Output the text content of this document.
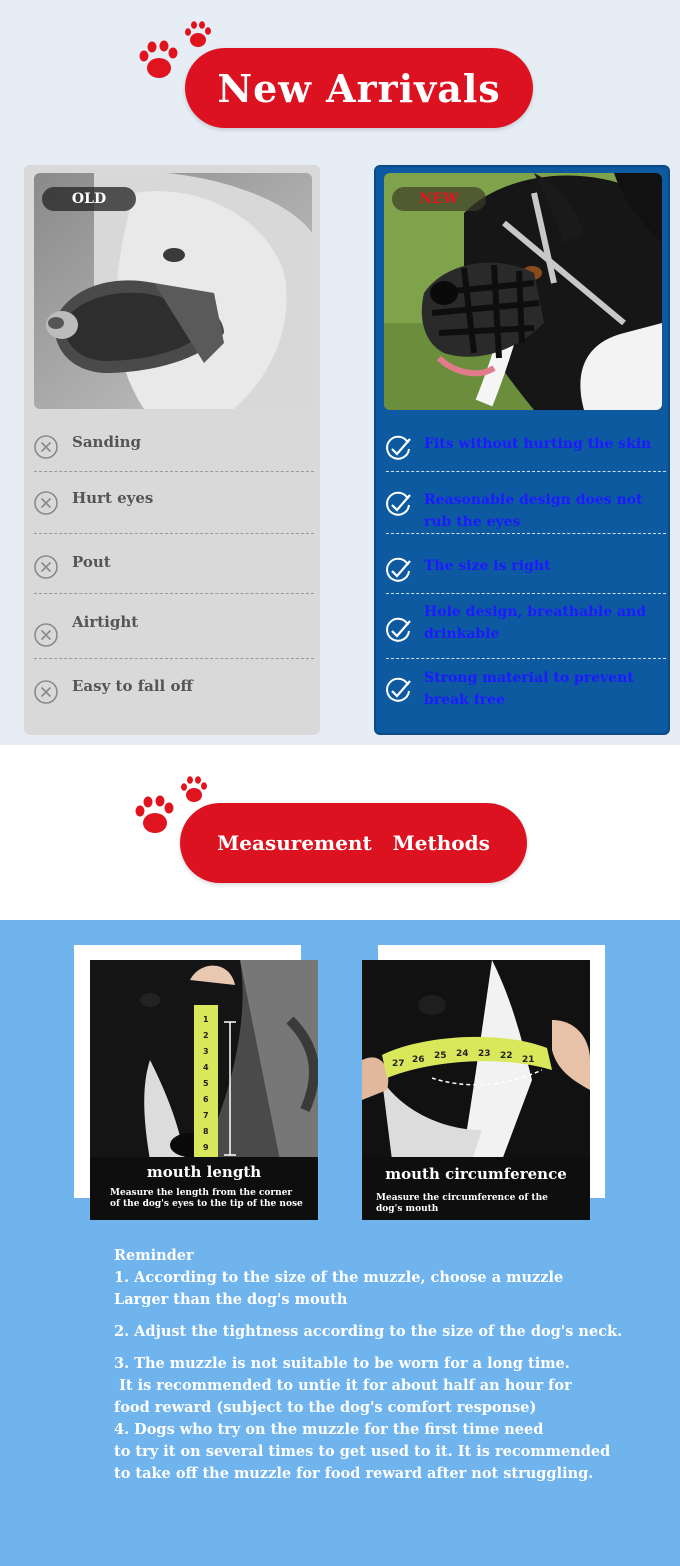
New Arrivals
OLD
Sanding
Hurt eyes
Pout
Airtight
Easy to fall off
NEW
Fits without hurting the skin
Reasonable design does not rub the eyes
The size is right
Hole design, breathable and drinkable
Strong material to prevent break free
Measurement   Methods
1
2
3
4
5
6
7
8
9
mouth length
Measure the length from the corner of the dog's eyes to the tip of the nose
27 26 25 24 23 22 21
mouth circumference
Measure the circumference of the dog's mouth

Reminder

1. According to the size of the muzzle, choose a muzzle

Larger than the dog's mouth

2. Adjust the tightness according to the size of the dog's neck.

3. The muzzle is not suitable to be worn for a long time.

It is recommended to untie it for about half an hour for

food reward (subject to the dog's comfort response)

4. Dogs who try on the muzzle for the first time need

to try it on several times to get used to it. It is recommended

to take off the muzzle for food reward after not struggling.
